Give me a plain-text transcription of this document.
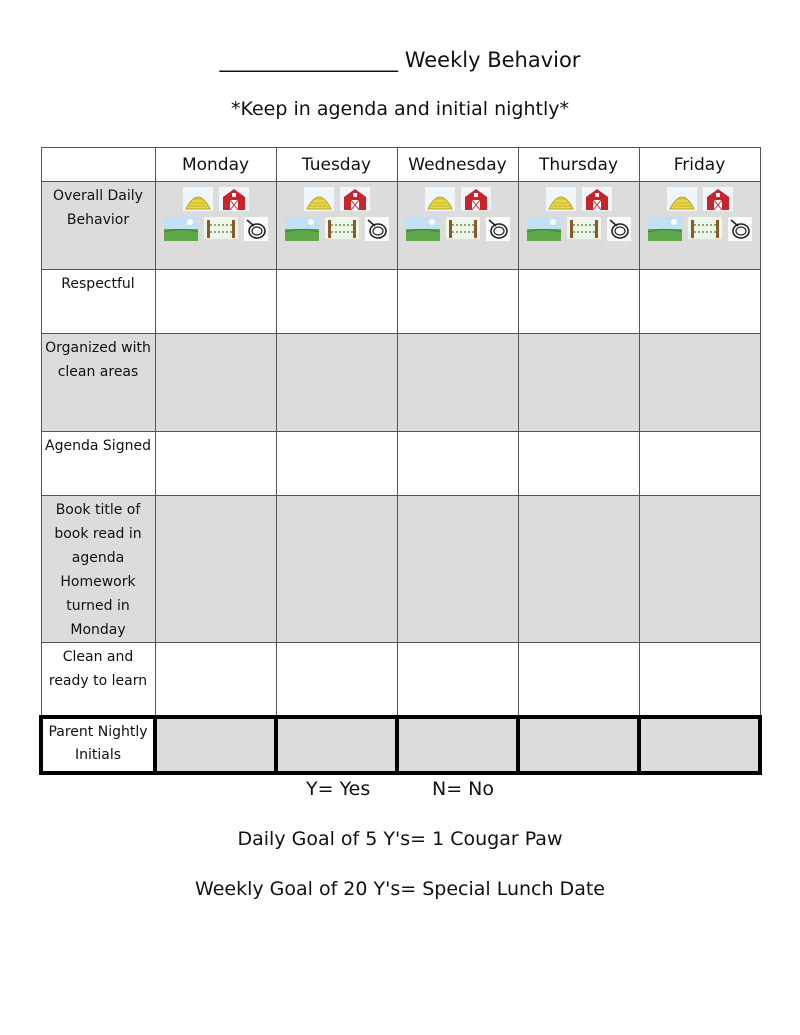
_________________ Weekly Behavior
*Keep in agenda and initial nightly*
	Monday	Tuesday	Wednesday	Thursday	Friday
Overall Daily Behavior	

Respectful					
Organized with clean areas					
Agenda Signed					
Book title of book read in agenda Homework turned in Monday					
Clean and ready to learn					
Parent Nightly Initials					
Y= Yes	N= No
Daily Goal of 5 Y's= 1 Cougar Paw
Weekly Goal of 20 Y's= Special Lunch Date
